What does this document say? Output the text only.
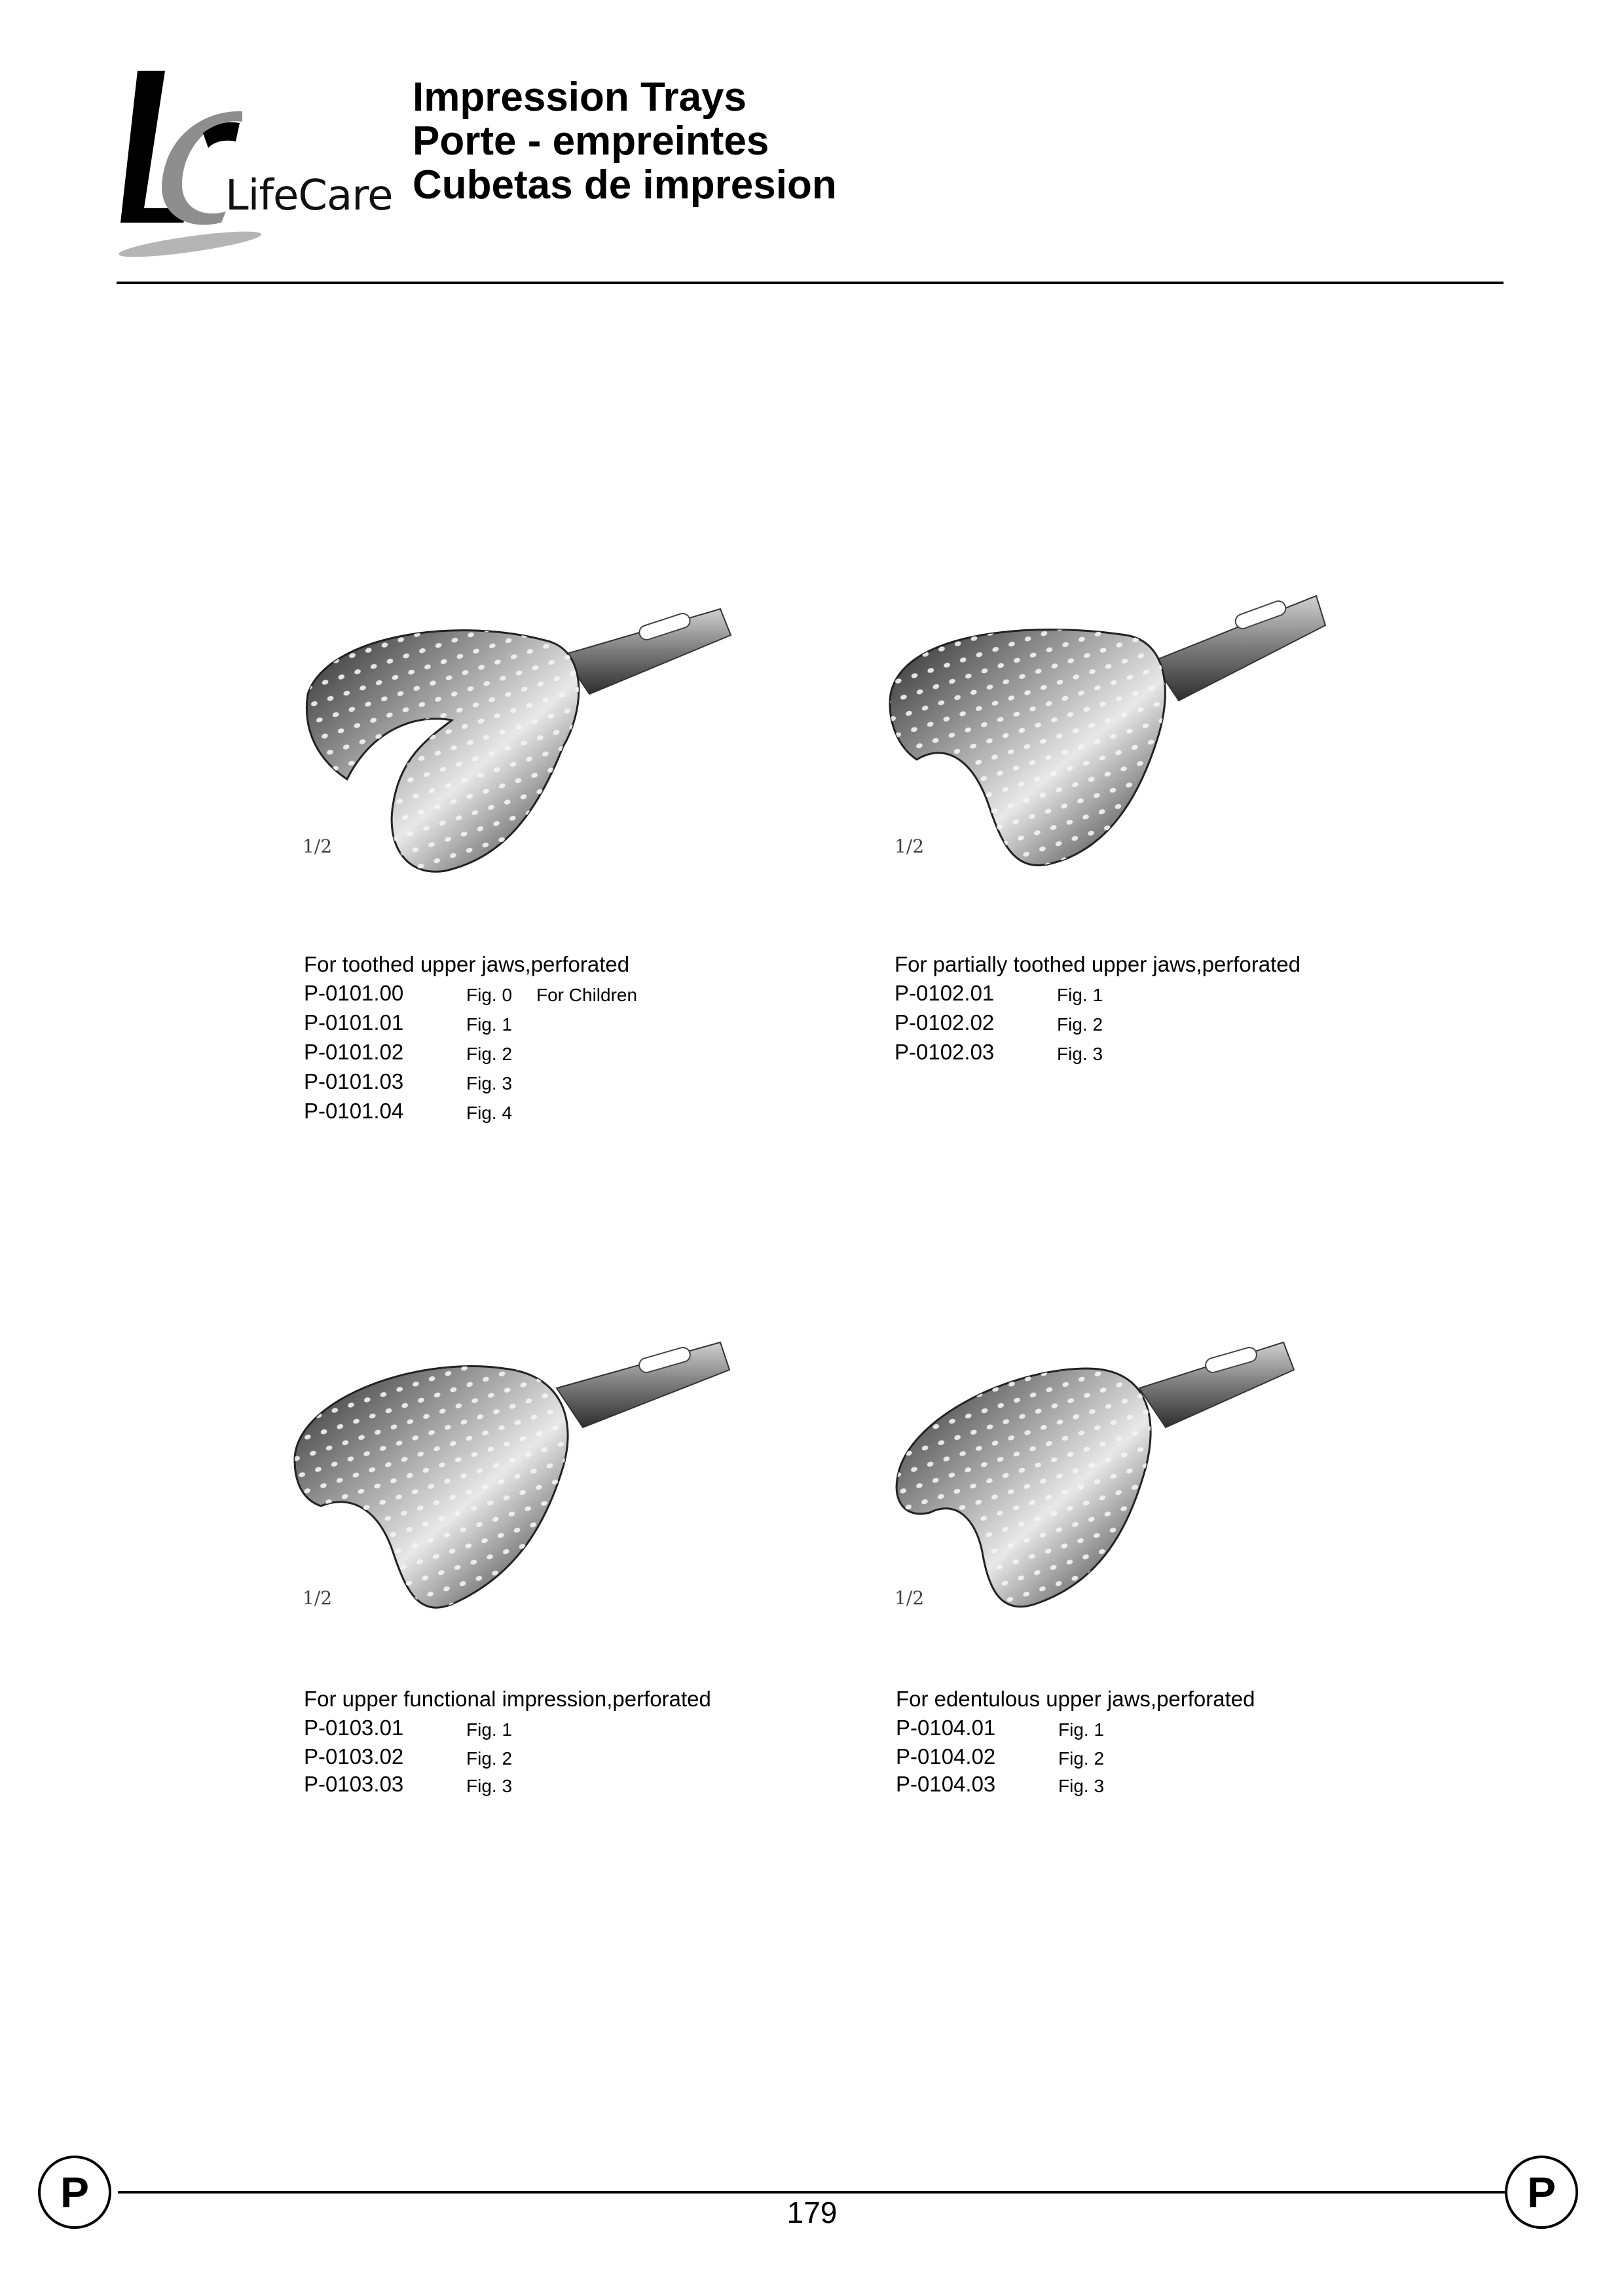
LifeCare
Impression Trays
Porte - empreintes
Cubetas de impresion
1/2
For toothed upper jaws,perforated
P-0101.00	Fig. 0 For Children
P-0101.01	Fig. 1
P-0101.02	Fig. 2
P-0101.03	Fig. 3
P-0101.04	Fig. 4
1/2
For partially toothed upper jaws,perforated
P-0102.01	Fig. 1
P-0102.02	Fig. 2
P-0102.03	Fig. 3
1/2
For upper functional impression,perforated
P-0103.01	Fig. 1
P-0103.02	Fig. 2
P-0103.03	Fig. 3
1/2
For edentulous upper jaws,perforated
P-0104.01	Fig. 1
P-0104.02	Fig. 2
P-0104.03	Fig. 3
P	P
179
